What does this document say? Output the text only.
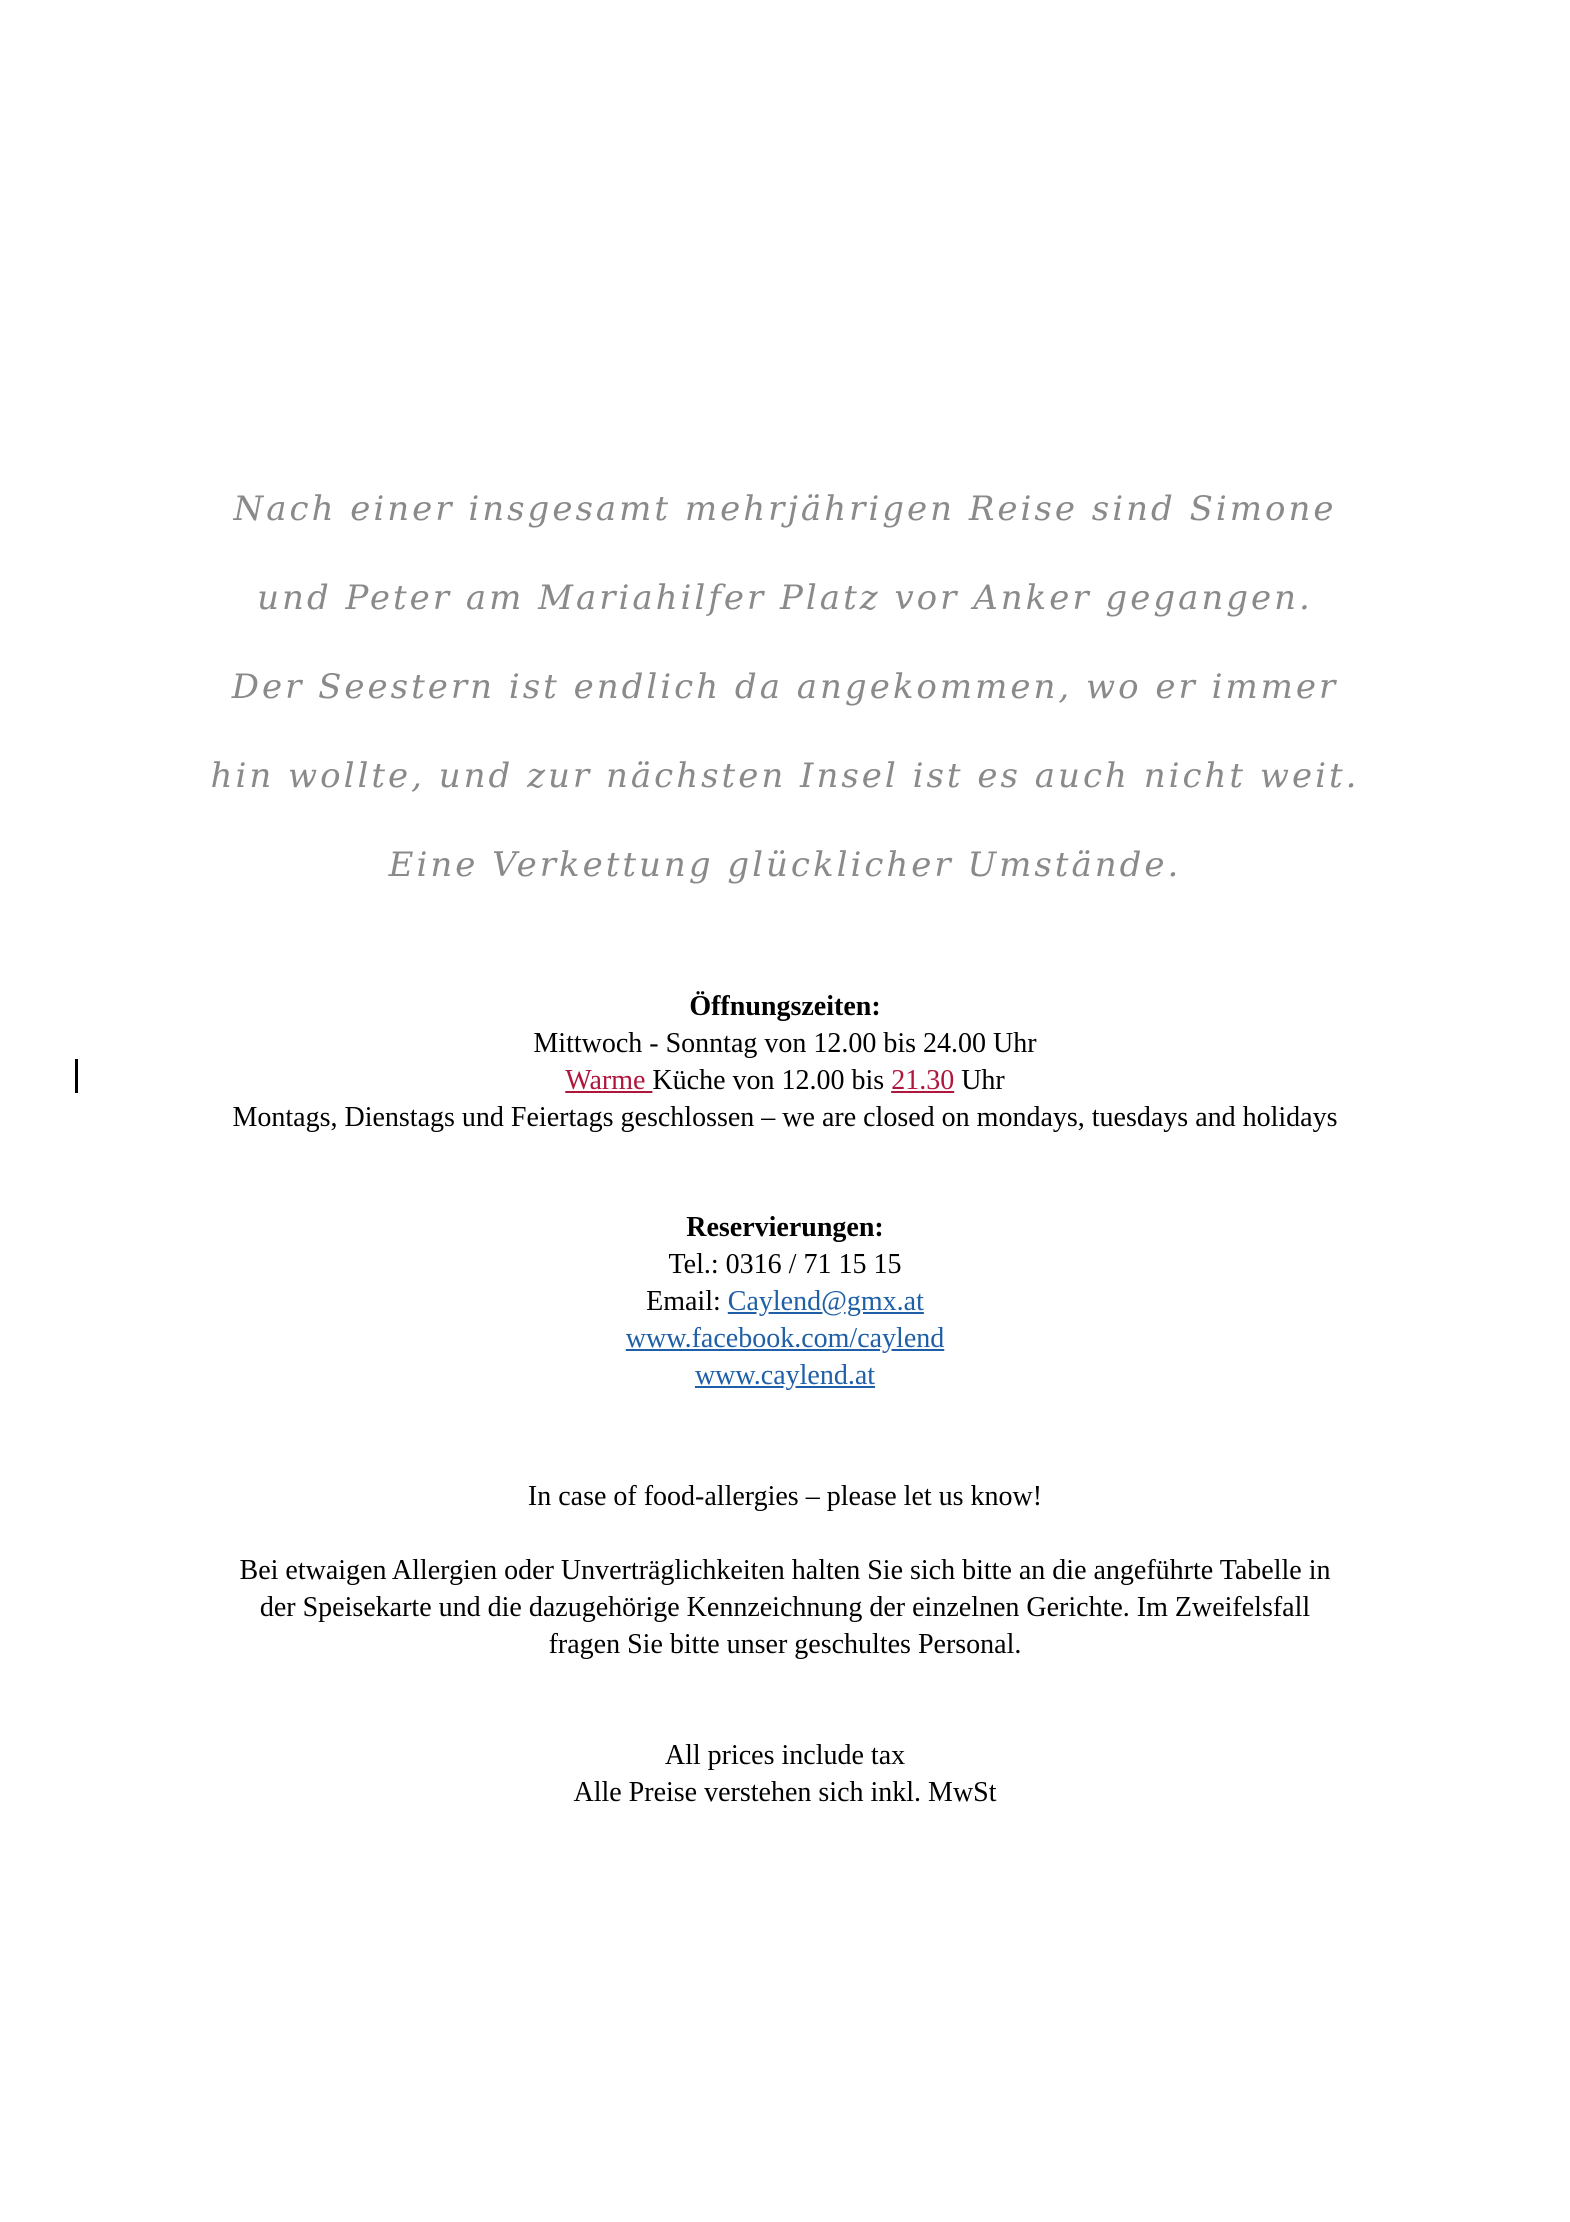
Nach einer insgesamt mehrjährigen Reise sind Simone
und Peter am Mariahilfer Platz vor Anker gegangen.
Der Seestern ist endlich da angekommen, wo er immer
hin wollte, und zur nächsten Insel ist es auch nicht weit.
Eine Verkettung glücklicher Umstände.
Öffnungszeiten:
Mittwoch - Sonntag von 12.00 bis 24.00 Uhr
Warme Küche von 12.00 bis 21.30 Uhr
Montags, Dienstags und Feiertags geschlossen – we are closed on mondays, tuesdays and holidays
Reservierungen:
Tel.: 0316 / 71 15 15
Email: Caylend@gmx.at
www.facebook.com/caylend
www.caylend.at
In case of food-allergies – please let us know!
Bei etwaigen Allergien oder Unverträglichkeiten halten Sie sich bitte an die angeführte Tabelle in
der Speisekarte und die dazugehörige Kennzeichnung der einzelnen Gerichte. Im Zweifelsfall
fragen Sie bitte unser geschultes Personal.
All prices include tax
Alle Preise verstehen sich inkl. MwSt
